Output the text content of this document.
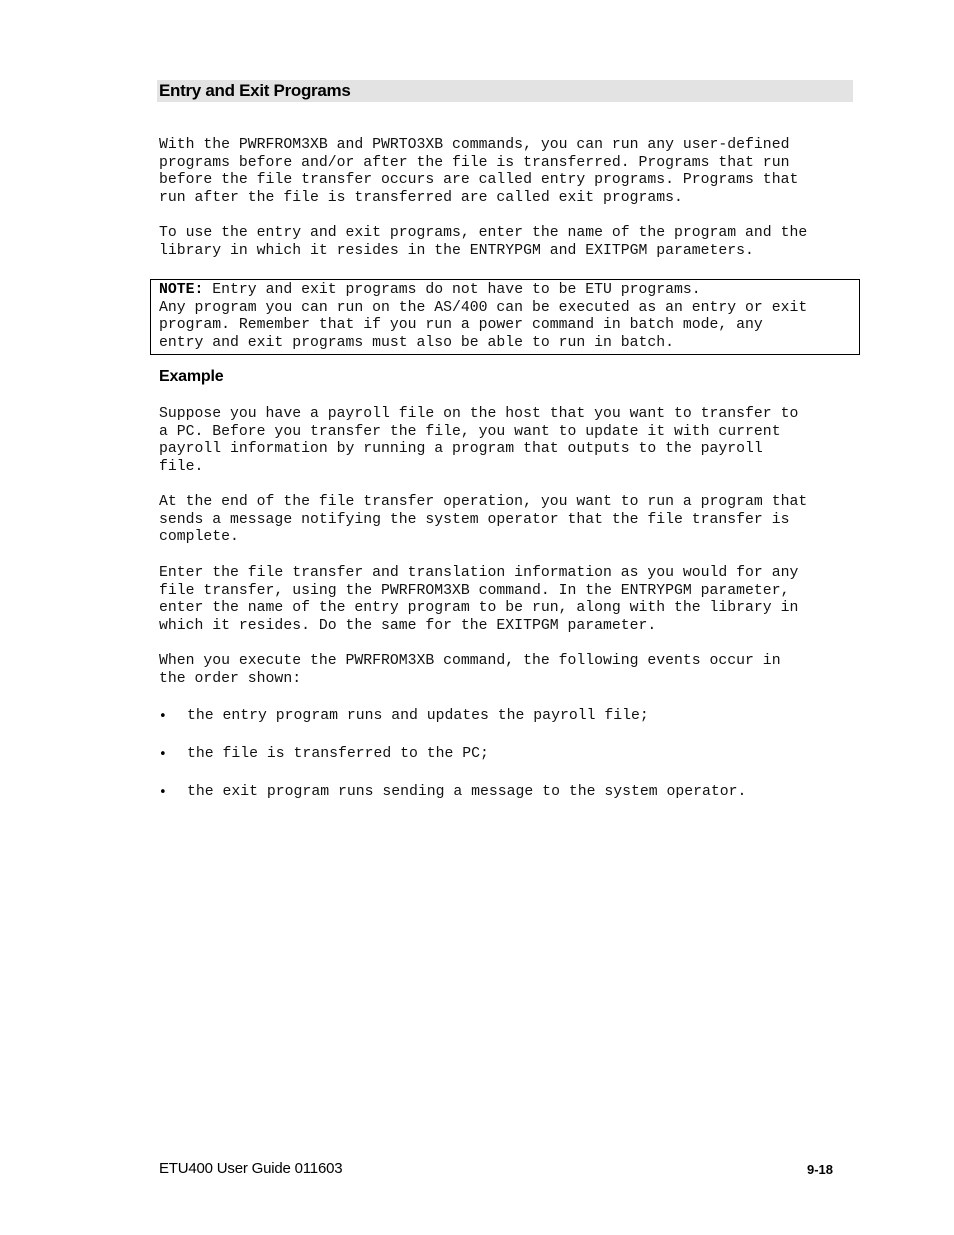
Entry and Exit Programs

With the PWRFROM3XB and PWRTO3XB commands, you can run any user-defined
programs before and/or after the file is transferred. Programs that run
before the file transfer occurs are called entry programs. Programs that
run after the file is transferred are called exit programs.

To use the entry and exit programs, enter the name of the program and the
library in which it resides in the ENTRYPGM and EXITPGM parameters.

NOTE: Entry and exit programs do not have to be ETU programs.
Any program you can run on the AS/400 can be executed as an entry or exit
program. Remember that if you run a power command in batch mode, any
entry and exit programs must also be able to run in batch.
Example

Suppose you have a payroll file on the host that you want to transfer to
a PC. Before you transfer the file, you want to update it with current
payroll information by running a program that outputs to the payroll
file.

At the end of the file transfer operation, you want to run a program that
sends a message notifying the system operator that the file transfer is
complete.

Enter the file transfer and translation information as you would for any
file transfer, using the PWRFROM3XB command. In the ENTRYPGM parameter,
enter the name of the entry program to be run, along with the library in
which it resides. Do the same for the EXITPGM parameter.

When you execute the PWRFROM3XB command, the following events occur in
the order shown:

• the entry program runs and updates the payroll file;
• the file is transferred to the PC;
• the exit program runs sending a message to the system operator.
ETU400 User Guide 011603	9-18
